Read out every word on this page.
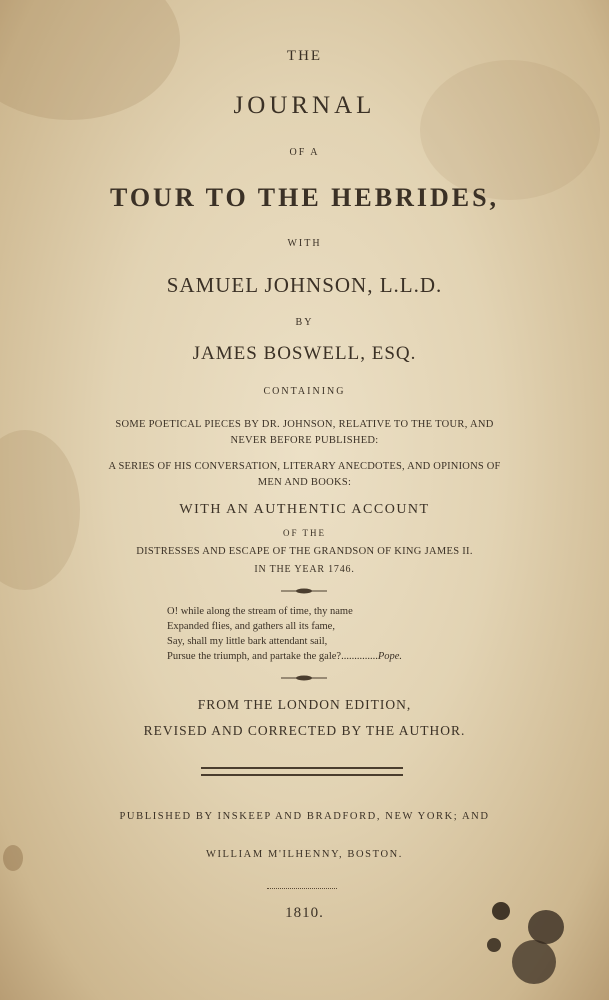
THE
JOURNAL
OF A
TOUR TO THE HEBRIDES,
WITH
SAMUEL JOHNSON, L.L.D.
BY
JAMES BOSWELL, ESQ.
CONTAINING
SOME POETICAL PIECES BY DR. JOHNSON, RELATIVE TO THE TOUR, AND
NEVER BEFORE PUBLISHED:
A SERIES OF HIS CONVERSATION, LITERARY ANECDOTES, AND OPINIONS OF
MEN AND BOOKS:
WITH AN AUTHENTIC ACCOUNT
OF THE
DISTRESSES AND ESCAPE OF THE GRANDSON OF KING JAMES II.
IN THE YEAR 1746.
O! while along the stream of time, thy name
Expanded flies, and gathers all its fame,
Say, shall my little bark attendant sail,
Pursue the triumph, and partake the gale?..............Pope.
FROM THE LONDON EDITION,
REVISED AND CORRECTED BY THE AUTHOR.
PUBLISHED BY INSKEEP AND BRADFORD, NEW YORK; AND
WILLIAM M'ILHENNY, BOSTON.
1810.
